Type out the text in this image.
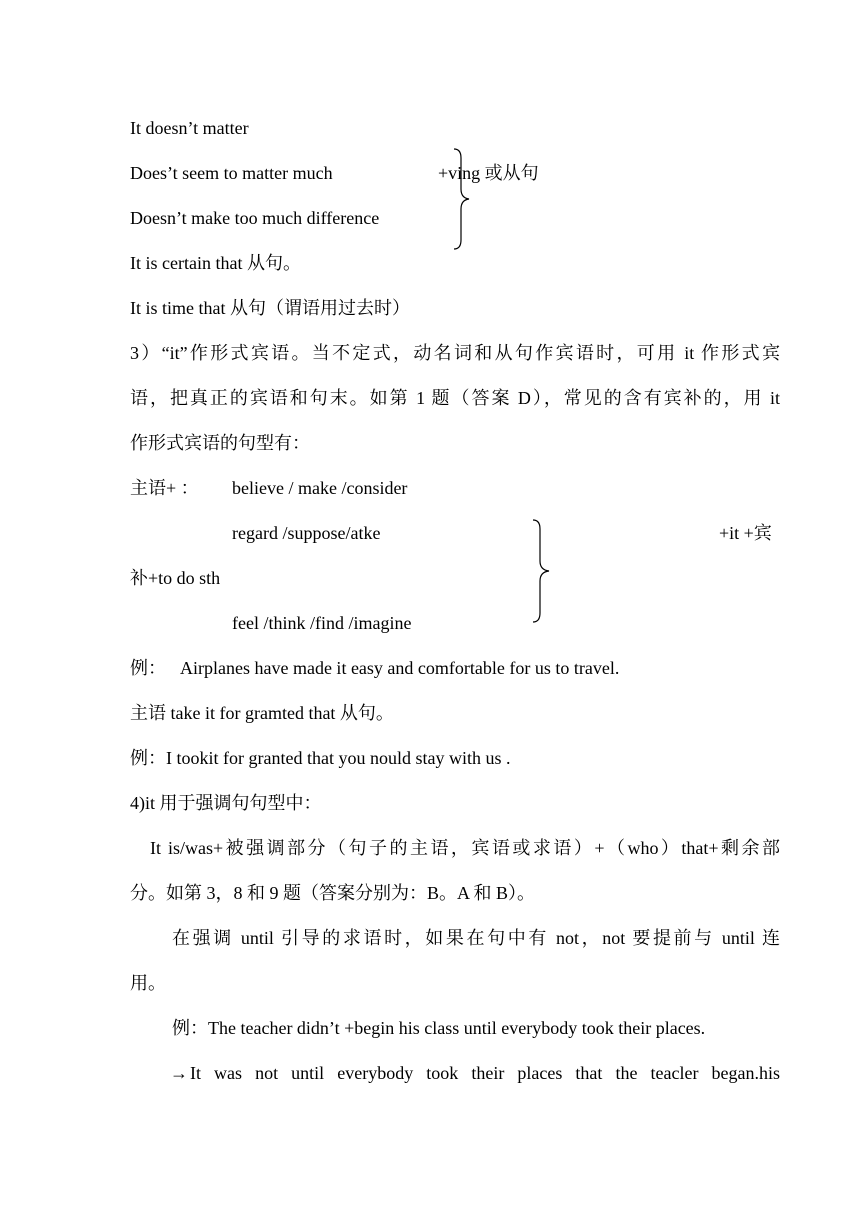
It doesn’t matter
Does’t seem to matter much	+ving 或从句
Doesn’t make too much difference
It is certain that 从句。
It is time that 从句（谓语用过去时）
3）“it”作形式宾语。当不定式，动名词和从句作宾语时，可用 it 作形式宾
语，把真正的宾语和句末。如第 1 题（答案 D），常见的含有宾补的，用 it
作形式宾语的句型有：
主语+ ： believe / make /consider
regard /suppose/atke	+it +宾
补+to do sth
feel /think /find /imagine
例： Airplanes have made it easy and comfortable for us to travel.
主语 take it for gramted that 从句。
例：I tookit for granted that you nould stay with us .
4)it 用于强调句句型中：
It is/was+被强调部分（句子的主语，宾语或求语）+（who）that+剩余部
分。如第 3，8 和 9 题（答案分别为：B。A 和 B）。
在强调 until 引导的求语时，如果在句中有 not，not 要提前与 until 连
用。
例：The teacher didn’t +begin his class until everybody took their places.
→ It was not until everybody took their places that the teacler began.his
